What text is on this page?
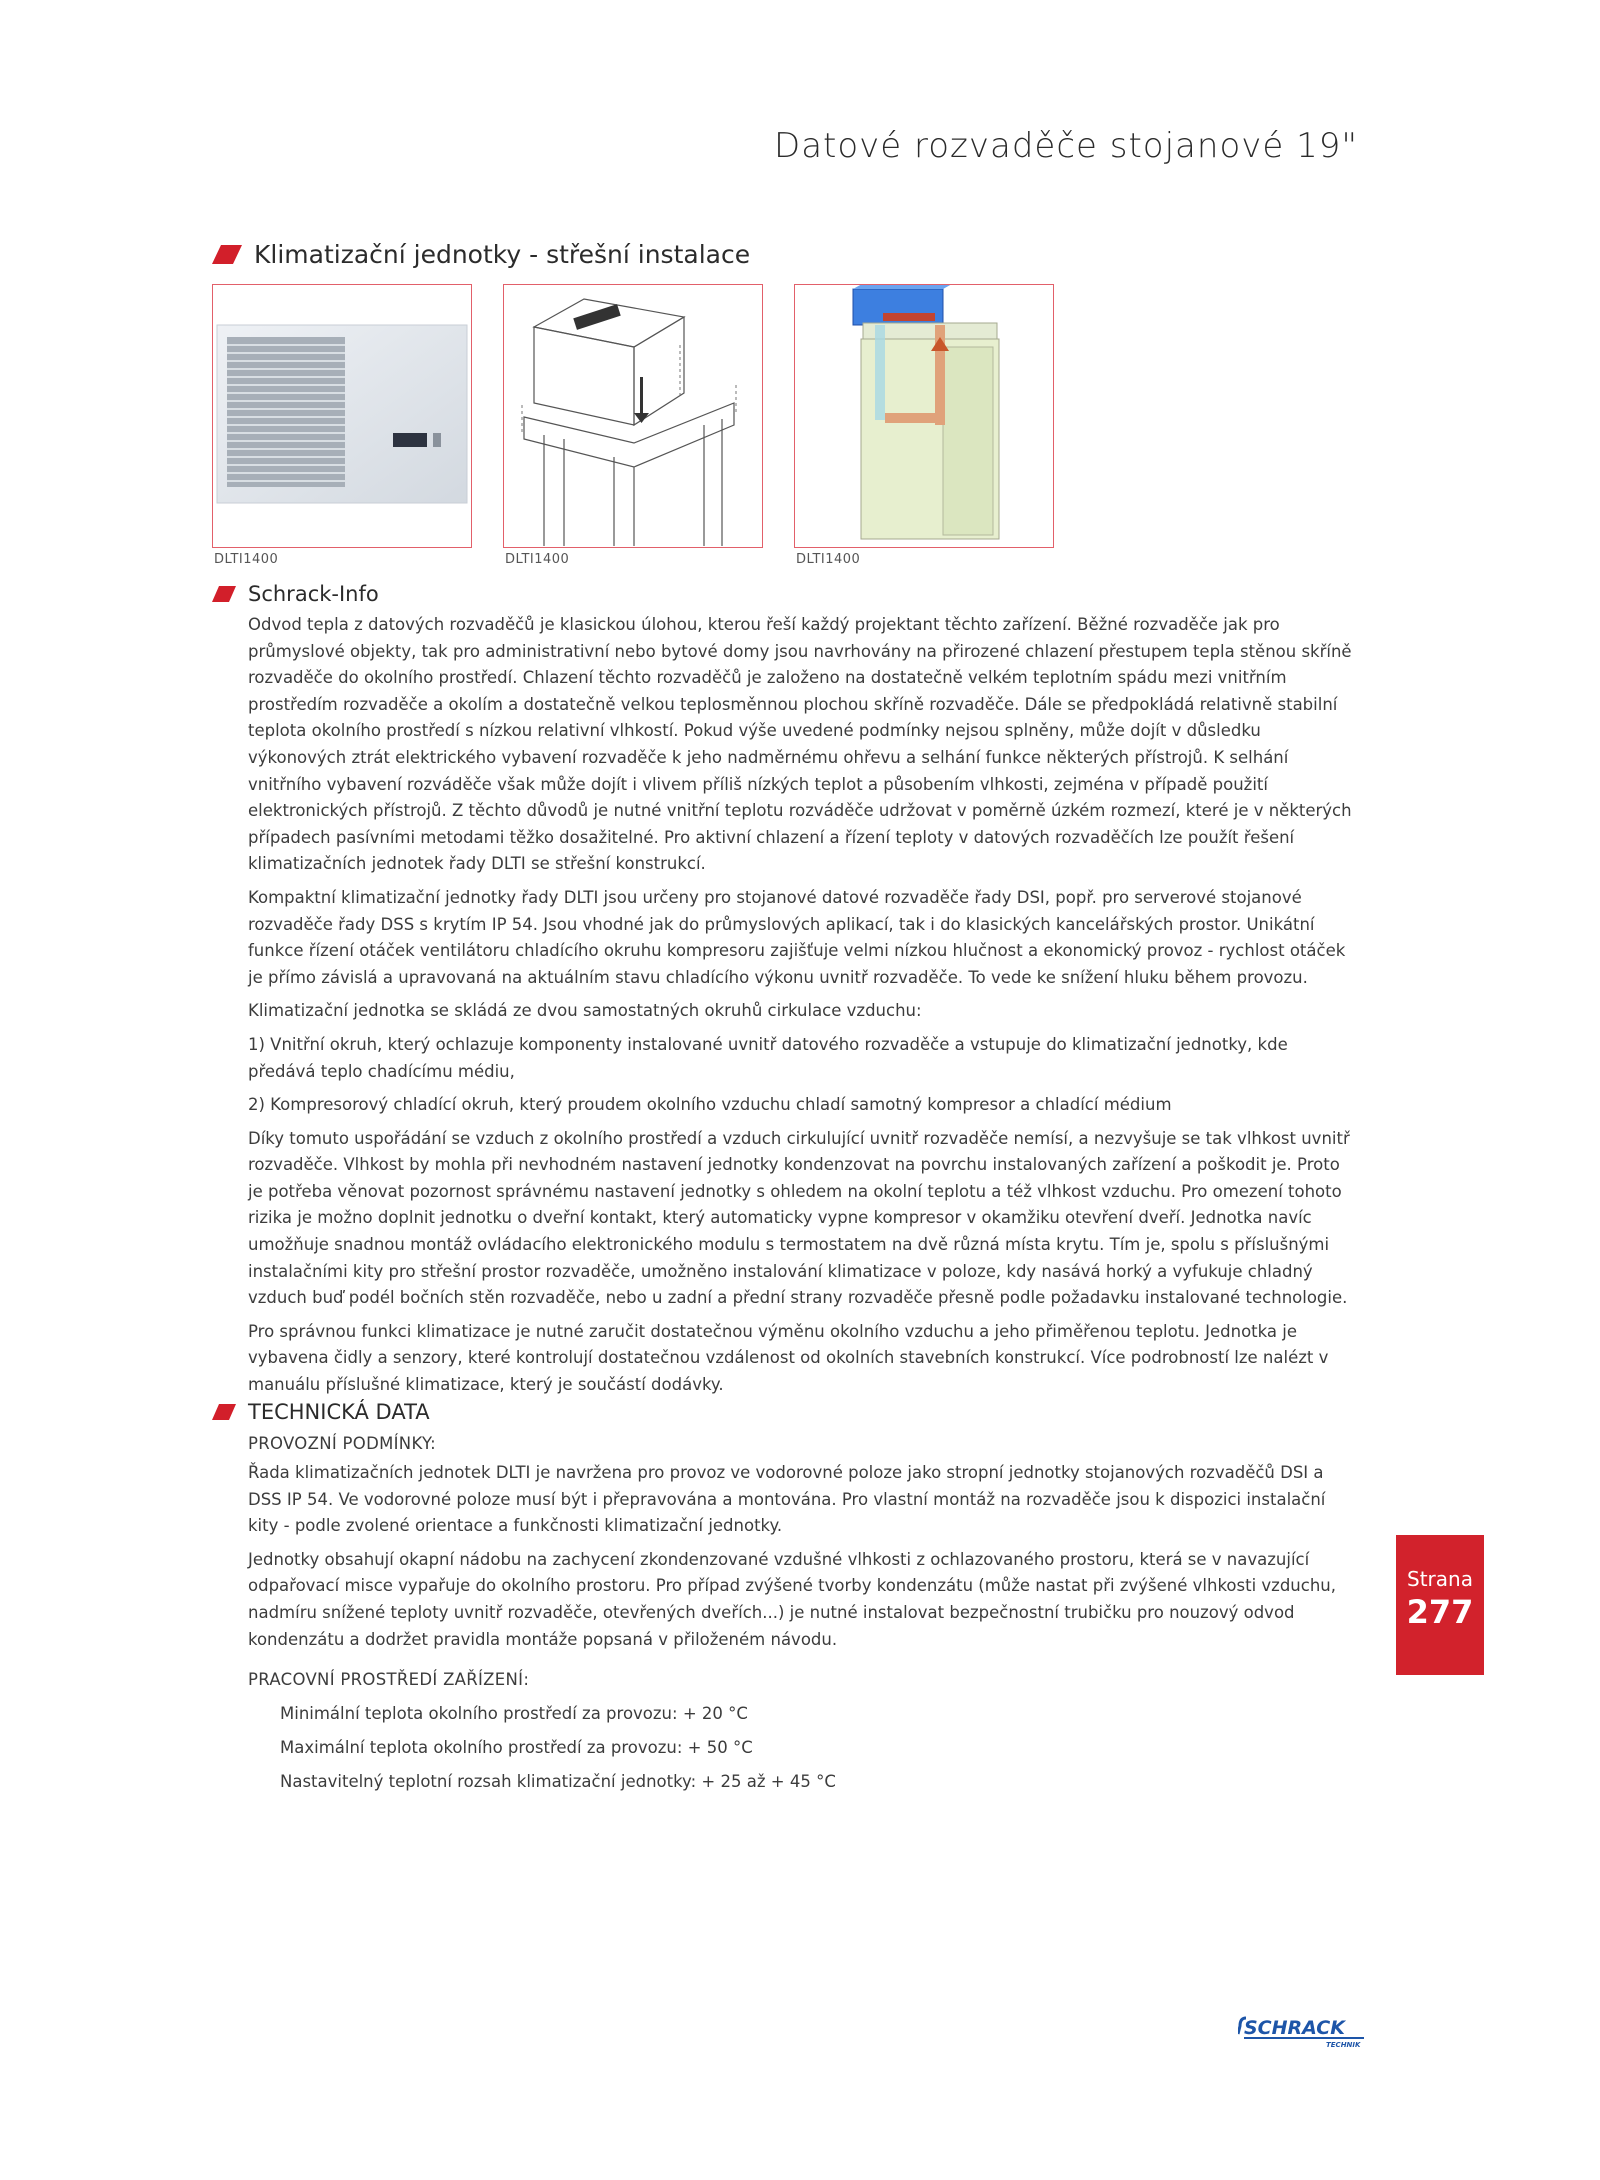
Datové rozvaděče stojanové 19"
Klimatizační jednotky - střešní instalace
DLTI1400	DLTI1400	DLTI1400
Schrack-Info

Odvod tepla z datových rozvaděčů je klasickou úlohou, kterou řeší každý projektant těchto zařízení. Běžné rozvaděče jak pro průmyslové objekty, tak pro administrativní nebo bytové domy jsou navrhovány na přirozené chlazení přestupem tepla stěnou skříně rozvaděče do okolního prostředí. Chlazení těchto rozvaděčů je založeno na dostatečně velkém teplotním spádu mezi vnitřním prostředím rozvaděče a okolím a dostatečně velkou teplosměnnou plochou skříně rozvaděče. Dále se předpokládá relativně stabilní teplota okolního prostředí s nízkou relativní vlhkostí. Pokud výše uvedené podmínky nejsou splněny, může dojít v důsledku výkonových ztrát elektrického vybavení rozvaděče k jeho nadměrnému ohřevu a selhání funkce některých přístrojů. K selhání vnitřního vybavení rozváděče však může dojít i vlivem příliš nízkých teplot a působením vlhkosti, zejména v případě použití elektronických přístrojů. Z těchto důvodů je nutné vnitřní teplotu rozváděče udržovat v poměrně úzkém rozmezí, které je v některých případech pasívními metodami těžko dosažitelné. Pro aktivní chlazení a řízení teploty v datových rozvaděčích lze použít řešení klimatizačních jednotek řady DLTI se střešní konstrukcí.

Kompaktní klimatizační jednotky řady DLTI jsou určeny pro stojanové datové rozvaděče řady DSI, popř. pro serverové stojanové rozvaděče řady DSS s krytím IP 54. Jsou vhodné jak do průmyslových aplikací, tak i do klasických kancelářských prostor. Unikátní funkce řízení otáček ventilátoru chladícího okruhu kompresoru zajišťuje velmi nízkou hlučnost a ekonomický provoz - rychlost otáček je přímo závislá a upravovaná na aktuálním stavu chladícího výkonu uvnitř rozvaděče. To vede ke snížení hluku během provozu.

Klimatizační jednotka se skládá ze dvou samostatných okruhů cirkulace vzduchu:

1) Vnitřní okruh, který ochlazuje komponenty instalované uvnitř datového rozvaděče a vstupuje do klimatizační jednotky, kde předává teplo chadícímu médiu,

2) Kompresorový chladící okruh, který proudem okolního vzduchu chladí samotný kompresor a chladící médium

Díky tomuto uspořádání se vzduch z okolního prostředí a vzduch cirkulující uvnitř rozvaděče nemísí, a nezvyšuje se tak vlhkost uvnitř rozvaděče. Vlhkost by mohla při nevhodném nastavení jednotky kondenzovat na povrchu instalovaných zařízení a poškodit je. Proto je potřeba věnovat pozornost správnému nastavení jednotky s ohledem na okolní teplotu a též vlhkost vzduchu. Pro omezení tohoto rizika je možno doplnit jednotku o dveřní kontakt, který automaticky vypne kompresor v okamžiku otevření dveří. Jednotka navíc umožňuje snadnou montáž ovládacího elektronického modulu s termostatem na dvě různá místa krytu. Tím je, spolu s příslušnými instalačními kity pro střešní prostor rozvaděče, umožněno instalování klimatizace v poloze, kdy nasává horký a vyfukuje chladný vzduch buď podél bočních stěn rozvaděče, nebo u zadní a přední strany rozvaděče přesně podle požadavku instalované technologie.

Pro správnou funkci klimatizace je nutné zaručit dostatečnou výměnu okolního vzduchu a jeho přiměřenou teplotu. Jednotka je vybavena čidly a senzory, které kontrolují dostatečnou vzdálenost od okolních stavebních konstrukcí. Více podrobností lze nalézt v manuálu příslušné klimatizace, který je součástí dodávky.

TECHNICKÁ DATA
PROVOZNÍ PODMÍNKY:

Řada klimatizačních jednotek DLTI je navržena pro provoz ve vodorovné poloze jako stropní jednotky stojanových rozvaděčů DSI a DSS IP 54. Ve vodorovné poloze musí být i přepravována a montována. Pro vlastní montáž na rozvaděče jsou k dispozici instalační kity - podle zvolené orientace a funkčnosti klimatizační jednotky.

Jednotky obsahují okapní nádobu na zachycení zkondenzované vzdušné vlhkosti z ochlazovaného prostoru, která se v navazující odpařovací misce vypařuje do okolního prostoru. Pro případ zvýšené tvorby kondenzátu (může nastat při zvýšené vlhkosti vzduchu, nadmíru snížené teploty uvnitř rozvaděče, otevřených dveřích...) je nutné instalovat bezpečnostní trubičku pro nouzový odvod kondenzátu a dodržet pravidla montáže popsaná v přiloženém návodu.

PRACOVNÍ PROSTŘEDÍ ZAŘÍZENÍ:
Minimální teplota okolního prostředí za provozu: + 20 °C
Maximální teplota okolního prostředí za provozu: + 50 °C
Nastavitelný teplotní rozsah klimatizační jednotky: + 25 až + 45 °C
Strana
277
SCHRACK
TECHNIK
